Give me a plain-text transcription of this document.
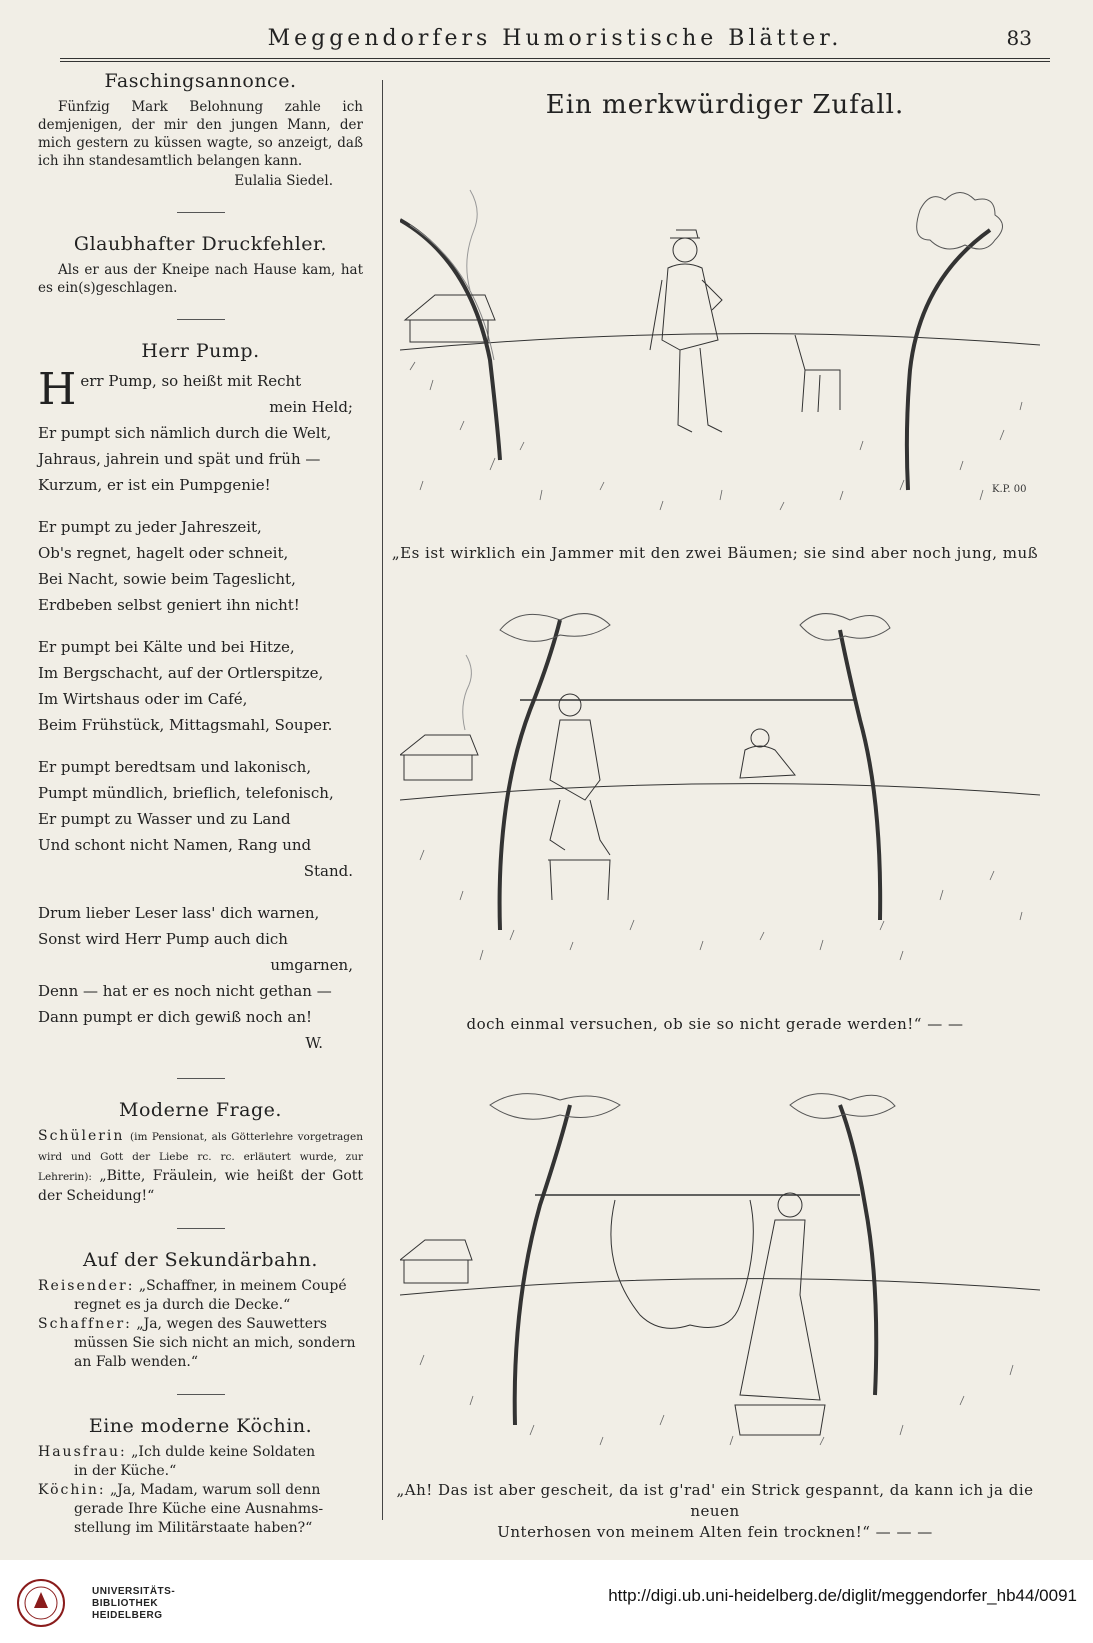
Meggendorfers Humoristische Blätter.	83
Faschingsannonce.

Fünfzig Mark Belohnung zahle ich demjenigen, der mir den jungen Mann, der mich gestern zu küssen wagte, so anzeigt, daß ich ihn standesamtlich belangen kann.

Eulalia Siedel.

Glaubhafter Druckfehler.

Als er aus der Kneipe nach Hause kam, hat es ein(s)geschlagen.

Herr Pump.
H err Pump, so heißt mit Recht
mein Held;
Er pumpt sich nämlich durch die Welt,
Jahraus, jahrein und spät und früh —
Kurzum, er ist ein Pumpgenie!
Er pumpt zu jeder Jahreszeit,
Ob's regnet, hagelt oder schneit,
Bei Nacht, sowie beim Tageslicht,
Erdbeben selbst geniert ihn nicht!
Er pumpt bei Kälte und bei Hitze,
Im Bergschacht, auf der Ortlerspitze,
Im Wirtshaus oder im Café,
Beim Frühstück, Mittagsmahl, Souper.
Er pumpt beredtsam und lakonisch,
Pumpt mündlich, brieflich, telefonisch,
Er pumpt zu Wasser und zu Land
Und schont nicht Namen, Rang und
Stand.
Drum lieber Leser lass' dich warnen,
Sonst wird Herr Pump auch dich
umgarnen,
Denn — hat er es noch nicht gethan —
Dann pumpt er dich gewiß noch an!
W.
Moderne Frage.

Schülerin (im Pensionat, als Götterlehre vorgetragen wird und Gott der Liebe rc. rc. erläutert wurde, zur Lehrerin): „Bitte, Fräulein, wie heißt der Gott der Scheidung!“

Auf der Sekundärbahn.

Reisender: „Schaffner, in meinem Coupé
regnet es ja durch die Decke.“
Schaffner: „Ja, wegen des Sauwetters
müssen Sie sich nicht an mich, sondern
an Falb wenden.“

Eine moderne Köchin.

Hausfrau: „Ich dulde keine Soldaten
in der Küche.“
Köchin: „Ja, Madam, warum soll denn
gerade Ihre Küche eine Ausnahms-
stellung im Militärstaate haben?“

Ein merkwürdiger Zufall.
K.P. 00
„Es ist wirklich ein Jammer mit den zwei Bäumen; sie sind aber noch jung, muß
doch einmal versuchen, ob sie so nicht gerade werden!“ — —
„Ah! Das ist aber gescheit, da ist g'rad' ein Strick gespannt, da kann ich ja die neuen
Unterhosen von meinem Alten fein trocknen!“ — — —
UNIVERSITÄTS-
BIBLIOTHEK
HEIDELBERG
http://digi.ub.uni-heidelberg.de/diglit/meggendorfer_hb44/0091
